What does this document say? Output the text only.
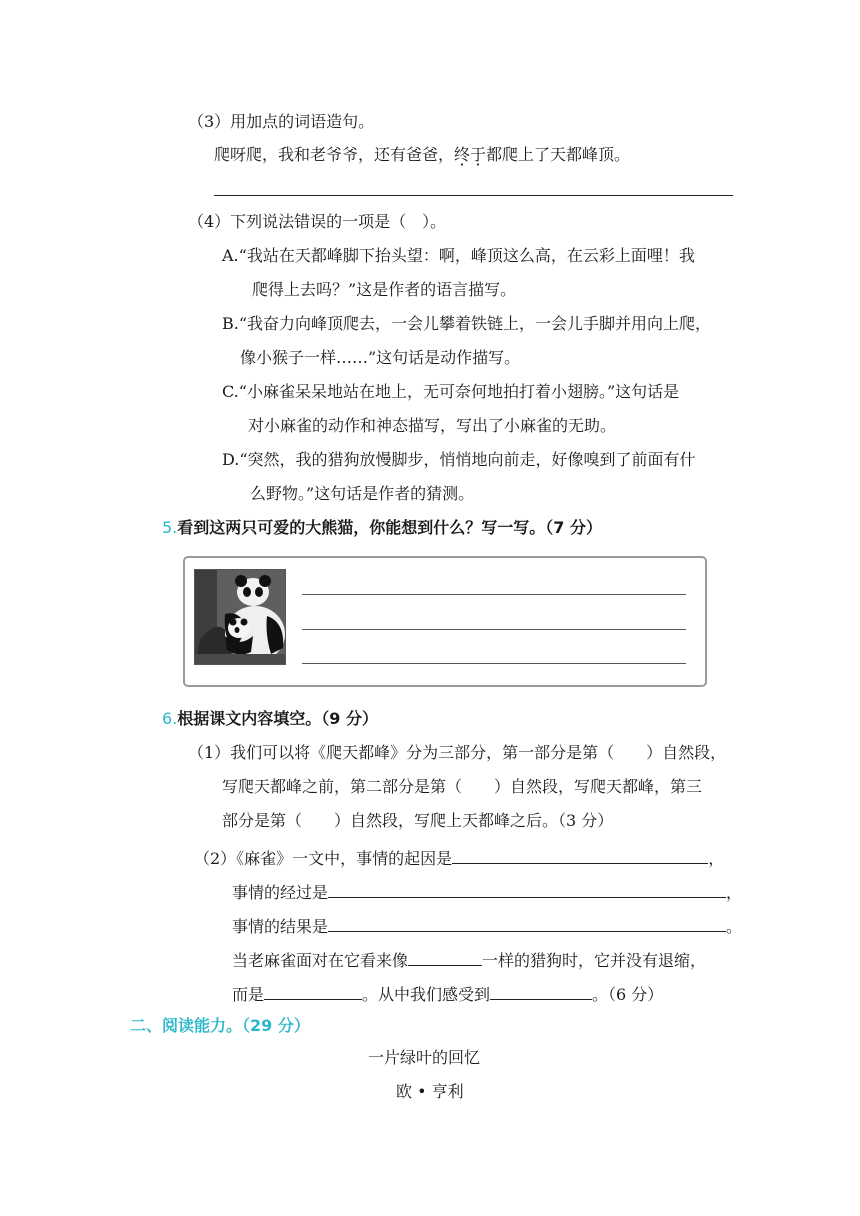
（3）用加点的词语造句。
爬呀爬，我和老爷爷，还有爸爸，终于都爬上了天都峰顶。
（4）下列说法错误的一项是（　）。
A.“我站在天都峰脚下抬头望：啊，峰顶这么高，在云彩上面哩！我
爬得上去吗？”这是作者的语言描写。
B.“我奋力向峰顶爬去，一会儿攀着铁链上，一会儿手脚并用向上爬，
像小猴子一样……”这句话是动作描写。
C.“小麻雀呆呆地站在地上，无可奈何地拍打着小翅膀。”这句话是
对小麻雀的动作和神态描写，写出了小麻雀的无助。
D.“突然，我的猎狗放慢脚步，悄悄地向前走，好像嗅到了前面有什
么野物。”这句话是作者的猜测。
5.看到这两只可爱的大熊猫，你能想到什么？写一写。（7 分）
6.根据课文内容填空。（9 分）
（1）我们可以将《爬天都峰》分为三部分，第一部分是第（　　）自然段，
写爬天都峰之前，第二部分是第（　　）自然段，写爬天都峰，第三
部分是第（　　）自然段，写爬上天都峰之后。（3 分）
（2）《麻雀》一文中，事情的起因是	，
事情的经过是	，
事情的结果是	。
当老麻雀面对在它看来像	一样的猎狗时，它并没有退缩，
而是	。从中我们感受到	。（6 分）
二、阅读能力。（29 分）
一片绿叶的回忆
欧 • 亨利
